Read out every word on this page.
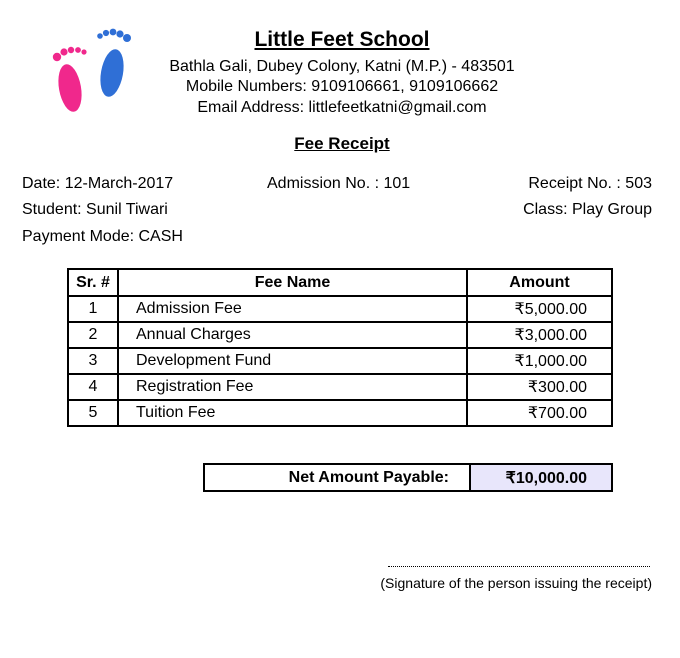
Little Feet School
Bathla Gali, Dubey Colony, Katni (M.P.) - 483501
Mobile Numbers: 9109106661, 9109106662
Email Address: littlefeetkatni@gmail.com
Fee Receipt
Date: 12-March-2017	Admission No. : 101	Receipt No. : 503
Student: Sunil Tiwari	Class: Play Group
Payment Mode: CASH
Sr. #	Fee Name	Amount
1	Admission Fee	₹5,000.00
2	Annual Charges	₹3,000.00
3	Development Fund	₹1,000.00
4	Registration Fee	₹300.00
5	Tuition Fee	₹700.00
Net Amount Payable:	₹10,000.00
(Signature of the person issuing the receipt)
